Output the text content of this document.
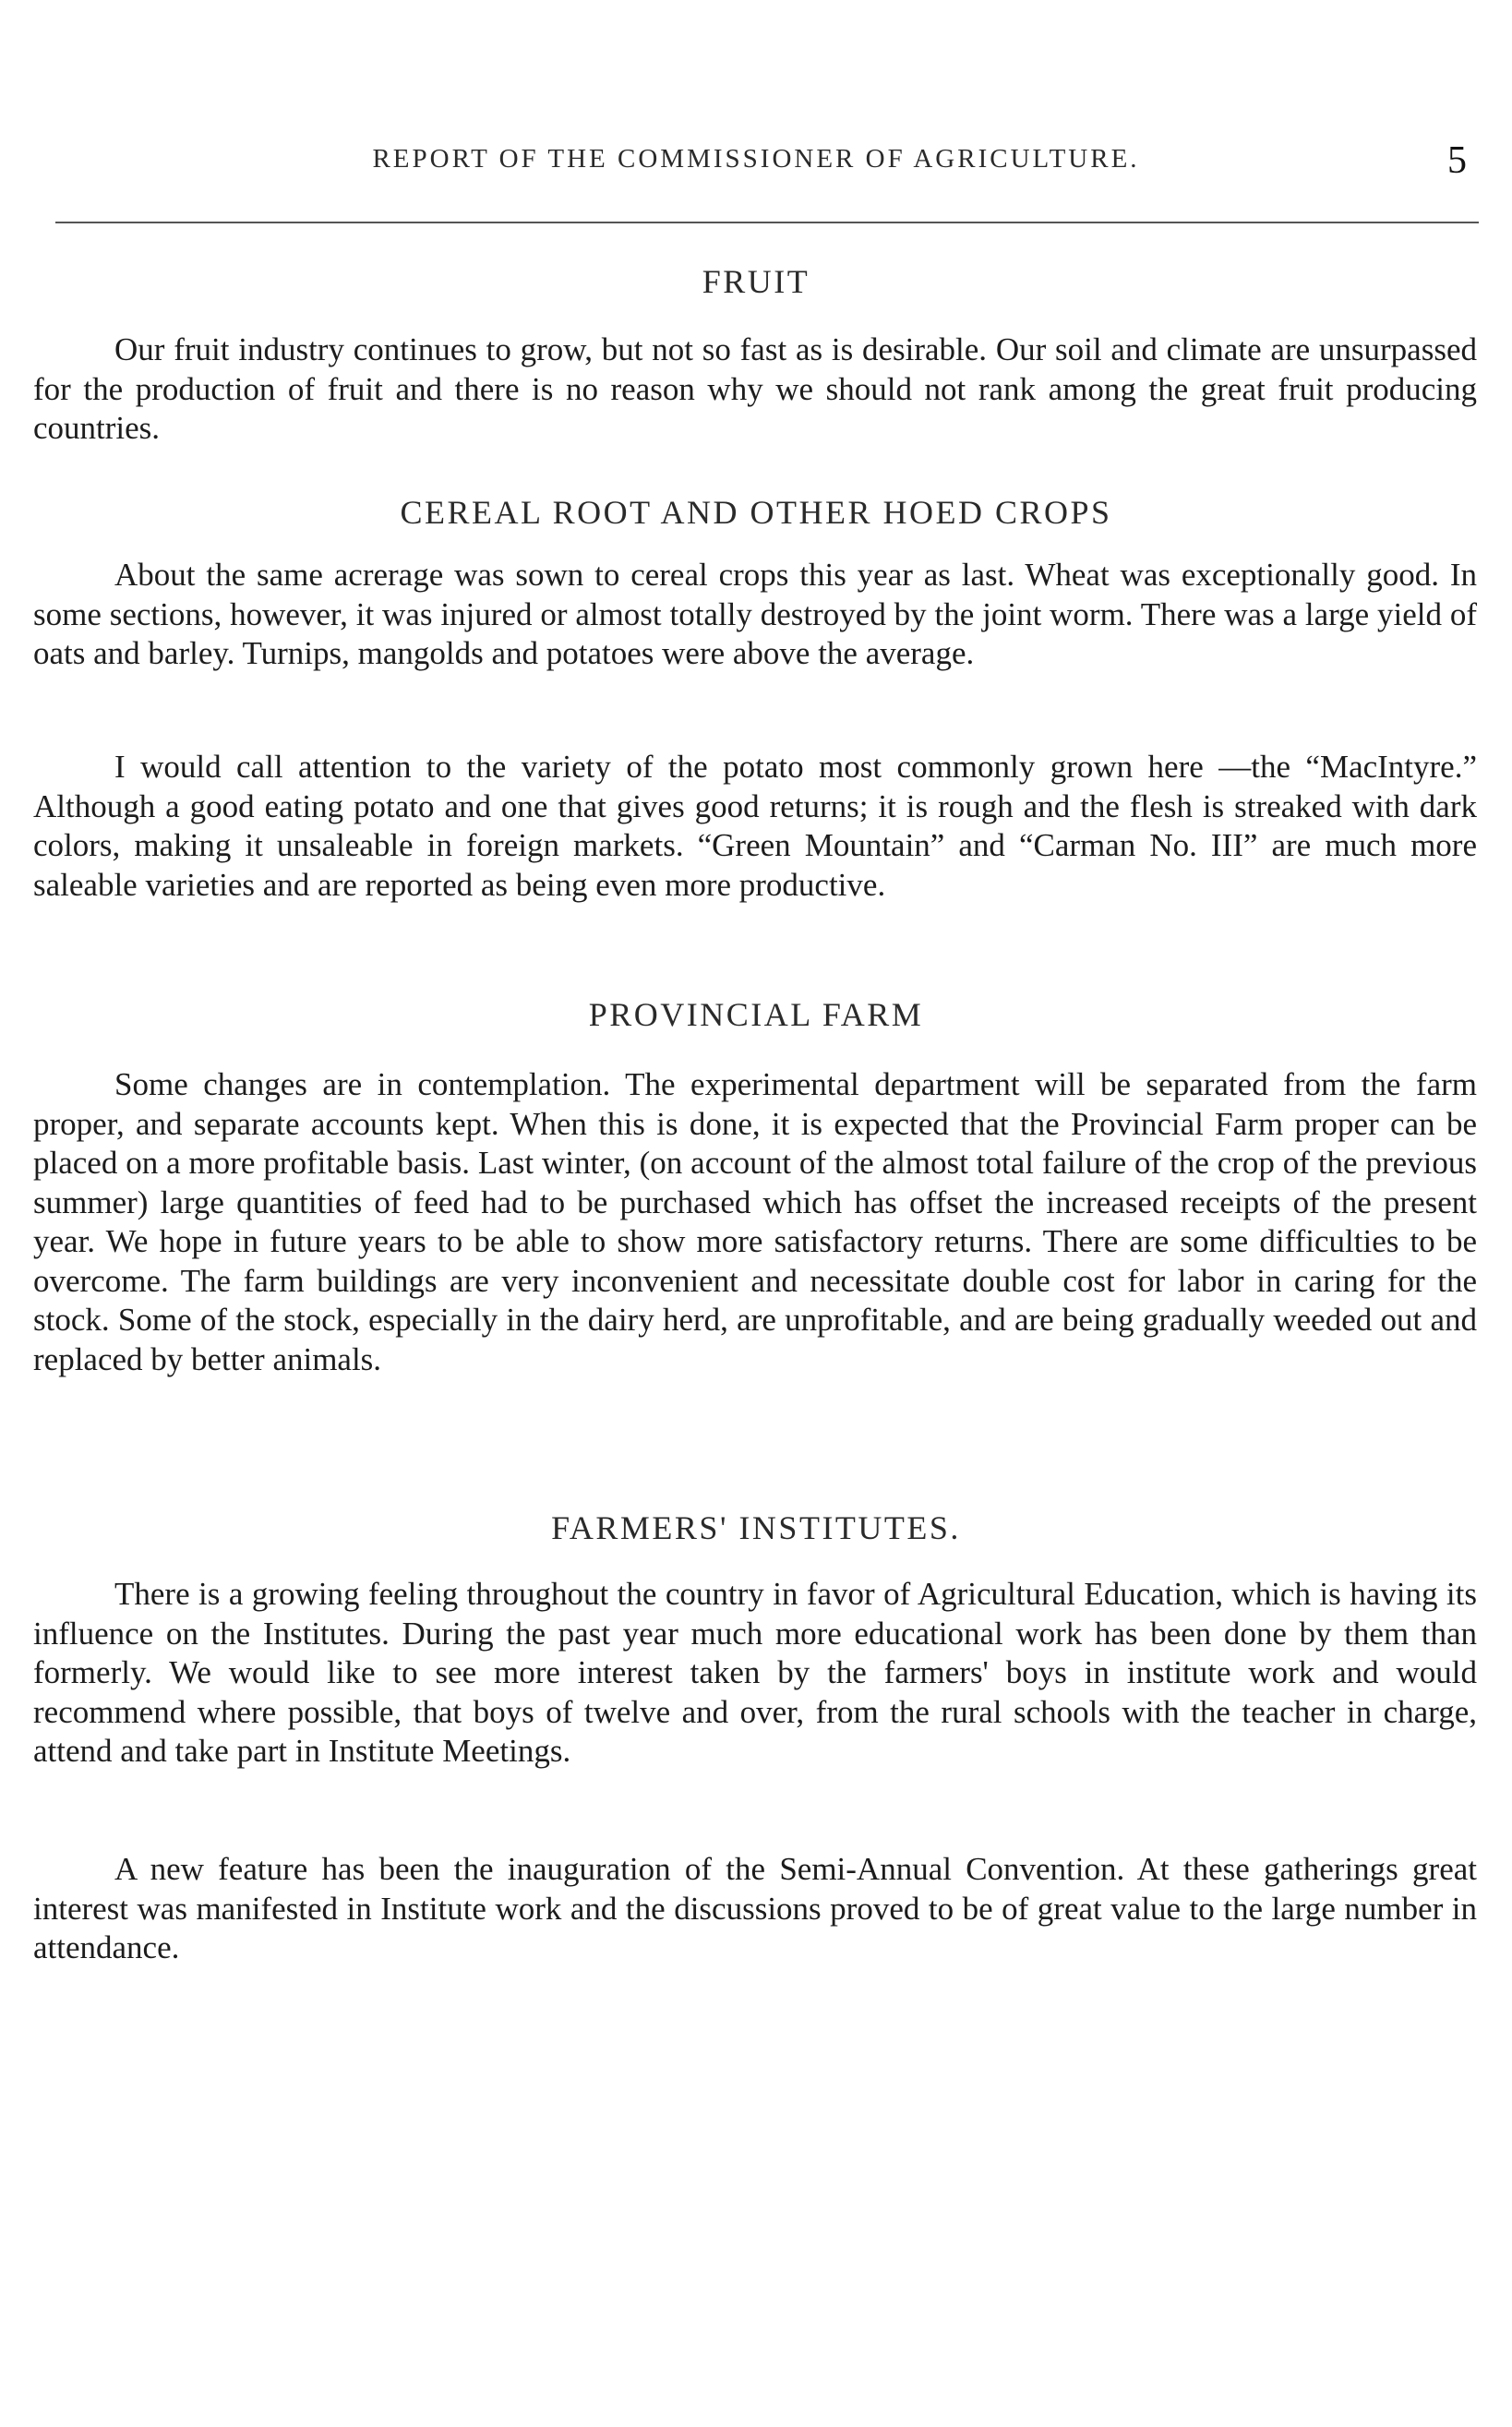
REPORT OF THE COMMISSIONER OF AGRICULTURE.	5
FRUIT

Our fruit industry continues to grow, but not so fast as is desirable. Our soil and climate are unsurpassed for the production of fruit and there is no reason why we should not rank among the great fruit producing countries.

CEREAL ROOT AND OTHER HOED CROPS

About the same acrerage was sown to cereal crops this year as last. Wheat was exceptionally good. In some sections, however, it was injured or almost totally destroyed by the joint worm. There was a large yield of oats and barley. Turnips, mangolds and potatoes were above the average.

I would call attention to the variety of the potato most commonly grown here —the “MacIntyre.” Although a good eating potato and one that gives good returns; it is rough and the flesh is streaked with dark colors, making it unsaleable in foreign markets. “Green Mountain” and “Carman No. III” are much more saleable varieties and are reported as being even more productive.

PROVINCIAL FARM

Some changes are in contemplation. The experimental department will be separated from the farm proper, and separate accounts kept. When this is done, it is expected that the Provincial Farm proper can be placed on a more profitable basis. Last winter, (on account of the almost total failure of the crop of the previous summer) large quantities of feed had to be purchased which has offset the increased receipts of the present year. We hope in future years to be able to show more satisfactory returns. There are some difficulties to be overcome. The farm buildings are very inconvenient and necessitate double cost for labor in caring for the stock. Some of the stock, especially in the dairy herd, are unprofitable, and are being gradually weeded out and replaced by better animals.

FARMERS' INSTITUTES.

There is a growing feeling throughout the country in favor of Agricultural Education, which is having its influence on the Institutes. During the past year much more educational work has been done by them than formerly. We would like to see more interest taken by the farmers' boys in institute work and would recommend where possible, that boys of twelve and over, from the rural schools with the teacher in charge, attend and take part in Institute Meetings.

A new feature has been the inauguration of the Semi-Annual Convention. At these gatherings great interest was manifested in Institute work and the discussions proved to be of great value to the large number in attendance.
